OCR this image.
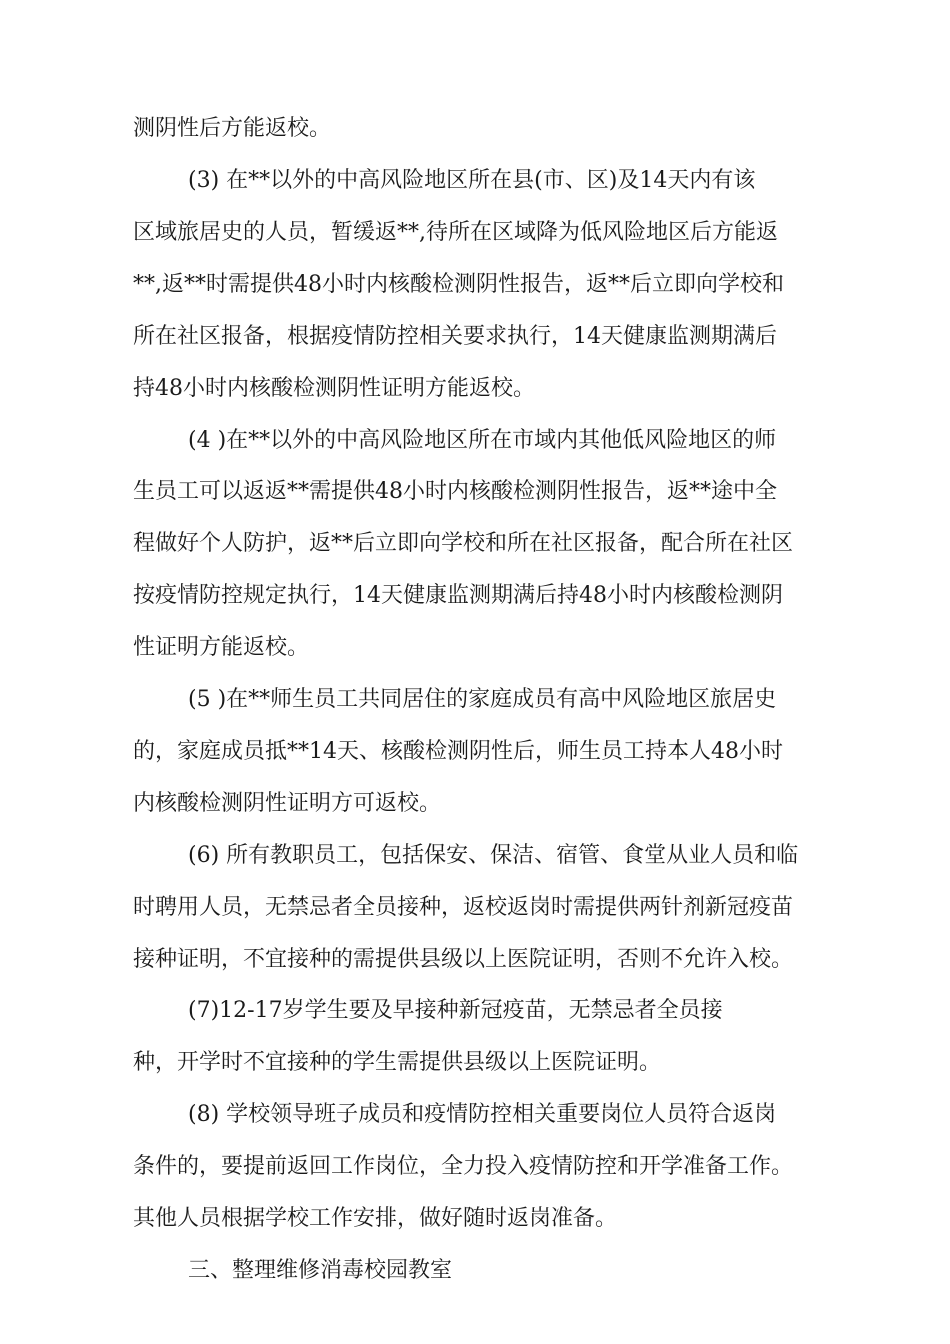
测阴性后方能返校。
(3) 在**以外的中高风险地区所在县(市、区)及14天内有该
区域旅居史的人员，暂缓返**,待所在区域降为低风险地区后方能返
**,返**时需提供48小时内核酸检测阴性报告，返**后立即向学校和
所在社区报备，根据疫情防控相关要求执行，14天健康监测期满后
持48小时内核酸检测阴性证明方能返校。
(4 )在**以外的中高风险地区所在市域内其他低风险地区的师
生员工可以返返**需提供48小时内核酸检测阴性报告，返**途中全
程做好个人防护，返**后立即向学校和所在社区报备，配合所在社区
按疫情防控规定执行，14天健康监测期满后持48小时内核酸检测阴
性证明方能返校。
(5 )在**师生员工共同居住的家庭成员有高中风险地区旅居史
的，家庭成员抵**14天、核酸检测阴性后，师生员工持本人48小时
内核酸检测阴性证明方可返校。
(6) 所有教职员工，包括保安、保洁、宿管、食堂从业人员和临
时聘用人员，无禁忌者全员接种，返校返岗时需提供两针剂新冠疫苗
接种证明，不宜接种的需提供县级以上医院证明，否则不允许入校。
(7)12-17岁学生要及早接种新冠疫苗，无禁忌者全员接
种，开学时不宜接种的学生需提供县级以上医院证明。
(8) 学校领导班子成员和疫情防控相关重要岗位人员符合返岗
条件的，要提前返回工作岗位，全力投入疫情防控和开学准备工作。
其他人员根据学校工作安排，做好随时返岗准备。
三、整理维修消毒校园教室
